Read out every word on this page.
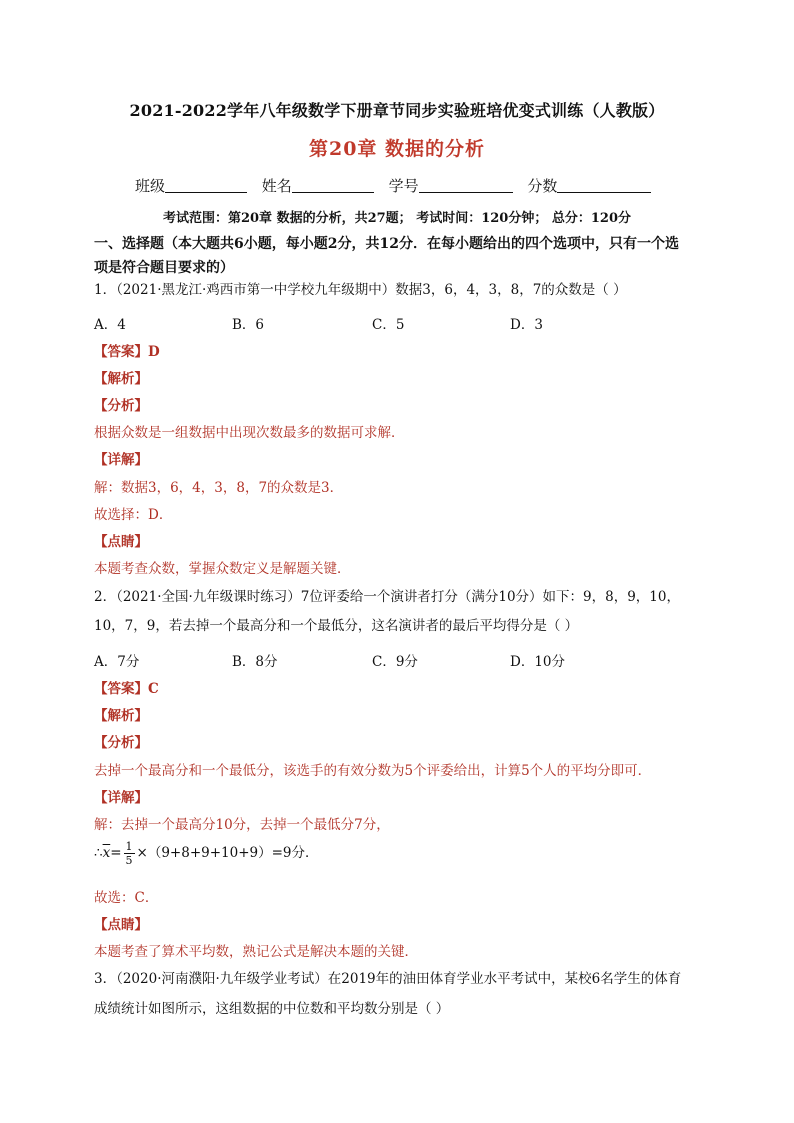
2021-2022学年八年级数学下册章节同步实验班培优变式训练（人教版）
第20章 数据的分析
班级	姓名	学号	分数
考试范围：第20章 数据的分析，共27题； 考试时间：120分钟； 总分：120分
一、选择题（本大题共6小题，每小题2分，共12分．在每小题给出的四个选项中，只有一个选
项是符合题目要求的）
1．（2021·黑龙江·鸡西市第一中学校九年级期中）数据3，6，4，3，8，7的众数是（ ）
A．4	B．6	C．5	D．3
【答案】D
【解析】
【分析】
根据众数是一组数据中出现次数最多的数据可求解．
【详解】
解：数据3，6，4，3，8，7的众数是3．
故选择：D．
【点睛】
本题考查众数，掌握众数定义是解题关键．
2．（2021·全国·九年级课时练习）7位评委给一个演讲者打分（满分10分）如下：9，8，9，10，
10，7，9，若去掉一个最高分和一个最低分，这名演讲者的最后平均得分是（ ）
A．7分	B．8分	C．9分	D．10分
【答案】C
【解析】
【分析】
去掉一个最高分和一个最低分，该选手的有效分数为5个评委给出，计算5个人的平均分即可．
【详解】
解：去掉一个最高分10分，去掉一个最低分7分，
$\therefore\overline{x}= \frac{1}{5} \times(9+8+9+10+9)=9$分．
故选：C．
【点睛】
本题考查了算术平均数，熟记公式是解决本题的关键．
3．（2020·河南濮阳·九年级学业考试）在2019年的油田体育学业水平考试中，某校6名学生的体育
成绩统计如图所示，这组数据的中位数和平均数分别是（ ）
